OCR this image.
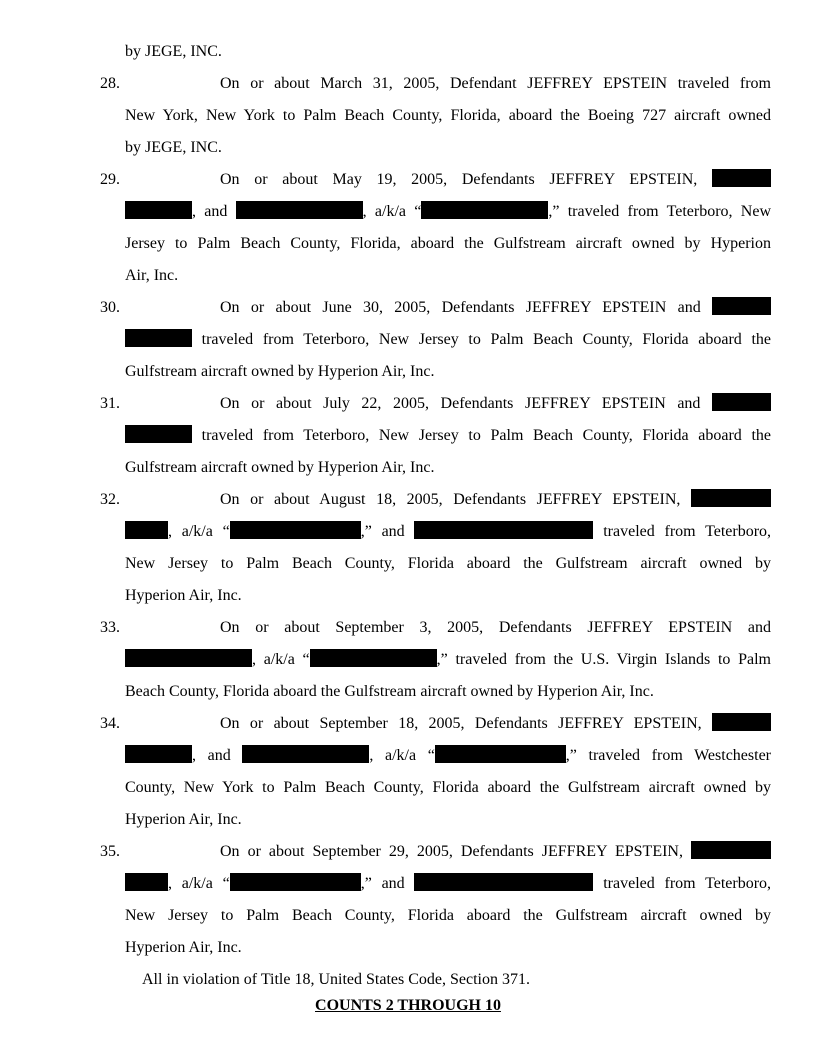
by JEGE, INC.
28.	On or about March 31, 2005, Defendant JEFFREY EPSTEIN traveled from
New York, New York to Palm Beach County, Florida, aboard the Boeing 727 aircraft owned
by JEGE, INC.
29.	On or about May 19, 2005, Defendants JEFFREY EPSTEIN,
, and	, a/k/a “	,” traveled from Teterboro, New
Jersey to Palm Beach County, Florida, aboard the Gulfstream aircraft owned by Hyperion
Air, Inc.
30.	On or about June 30, 2005, Defendants JEFFREY EPSTEIN and
traveled from Teterboro, New Jersey to Palm Beach County, Florida aboard the
Gulfstream aircraft owned by Hyperion Air, Inc.
31.	On or about July 22, 2005, Defendants JEFFREY EPSTEIN and
traveled from Teterboro, New Jersey to Palm Beach County, Florida aboard the
Gulfstream aircraft owned by Hyperion Air, Inc.
32.	On or about August 18, 2005, Defendants JEFFREY EPSTEIN,
, a/k/a “	,” and	traveled from Teterboro,
New Jersey to Palm Beach County, Florida aboard the Gulfstream aircraft owned by
Hyperion Air, Inc.
33.	On or about September 3, 2005, Defendants JEFFREY EPSTEIN and
, a/k/a “	,” traveled from the U.S. Virgin Islands to Palm
Beach County, Florida aboard the Gulfstream aircraft owned by Hyperion Air, Inc.
34.	On or about September 18, 2005, Defendants JEFFREY EPSTEIN,
, and	, a/k/a “	,” traveled from Westchester
County, New York to Palm Beach County, Florida aboard the Gulfstream aircraft owned by
Hyperion Air, Inc.
35.	On or about September 29, 2005, Defendants JEFFREY EPSTEIN,
, a/k/a “	,” and	traveled from Teterboro,
New Jersey to Palm Beach County, Florida aboard the Gulfstream aircraft owned by
Hyperion Air, Inc.
All in violation of Title 18, United States Code, Section 371.
COUNTS 2 THROUGH 10
